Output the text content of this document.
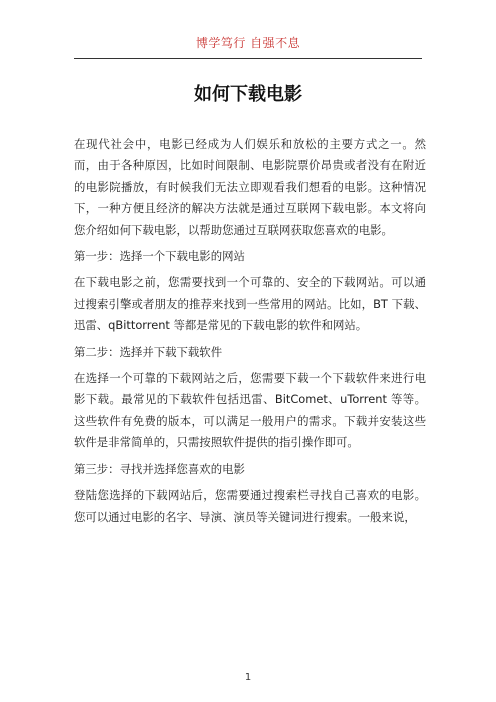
博学笃行 自强不息
如何下载电影

在现代社会中，电影已经成为人们娱乐和放松的主要方式之一。然而，由于各种原因，比如时间限制、电影院票价昂贵或者没有在附近的电影院播放，有时候我们无法立即观看我们想看的电影。这种情况下，一种方便且经济的解决方法就是通过互联网下载电影。本文将向您介绍如何下载电影，以帮助您通过互联网获取您喜欢的电影。

第一步：选择一个下载电影的网站

在下载电影之前，您需要找到一个可靠的、安全的下载网站。可以通过搜索引擎或者朋友的推荐来找到一些常用的网站。比如，BT 下载、迅雷、qBittorrent 等都是常见的下载电影的软件和网站。

第二步：选择并下载下载软件

在选择一个可靠的下载网站之后，您需要下载一个下载软件来进行电影下载。最常见的下载软件包括迅雷、BitComet、uTorrent 等等。这些软件有免费的版本，可以满足一般用户的需求。下载并安装这些软件是非常简单的，只需按照软件提供的指引操作即可。

第三步：寻找并选择您喜欢的电影

登陆您选择的下载网站后，您需要通过搜索栏寻找自己喜欢的电影。您可以通过电影的名字、导演、演员等关键词进行搜索。一般来说，

1
